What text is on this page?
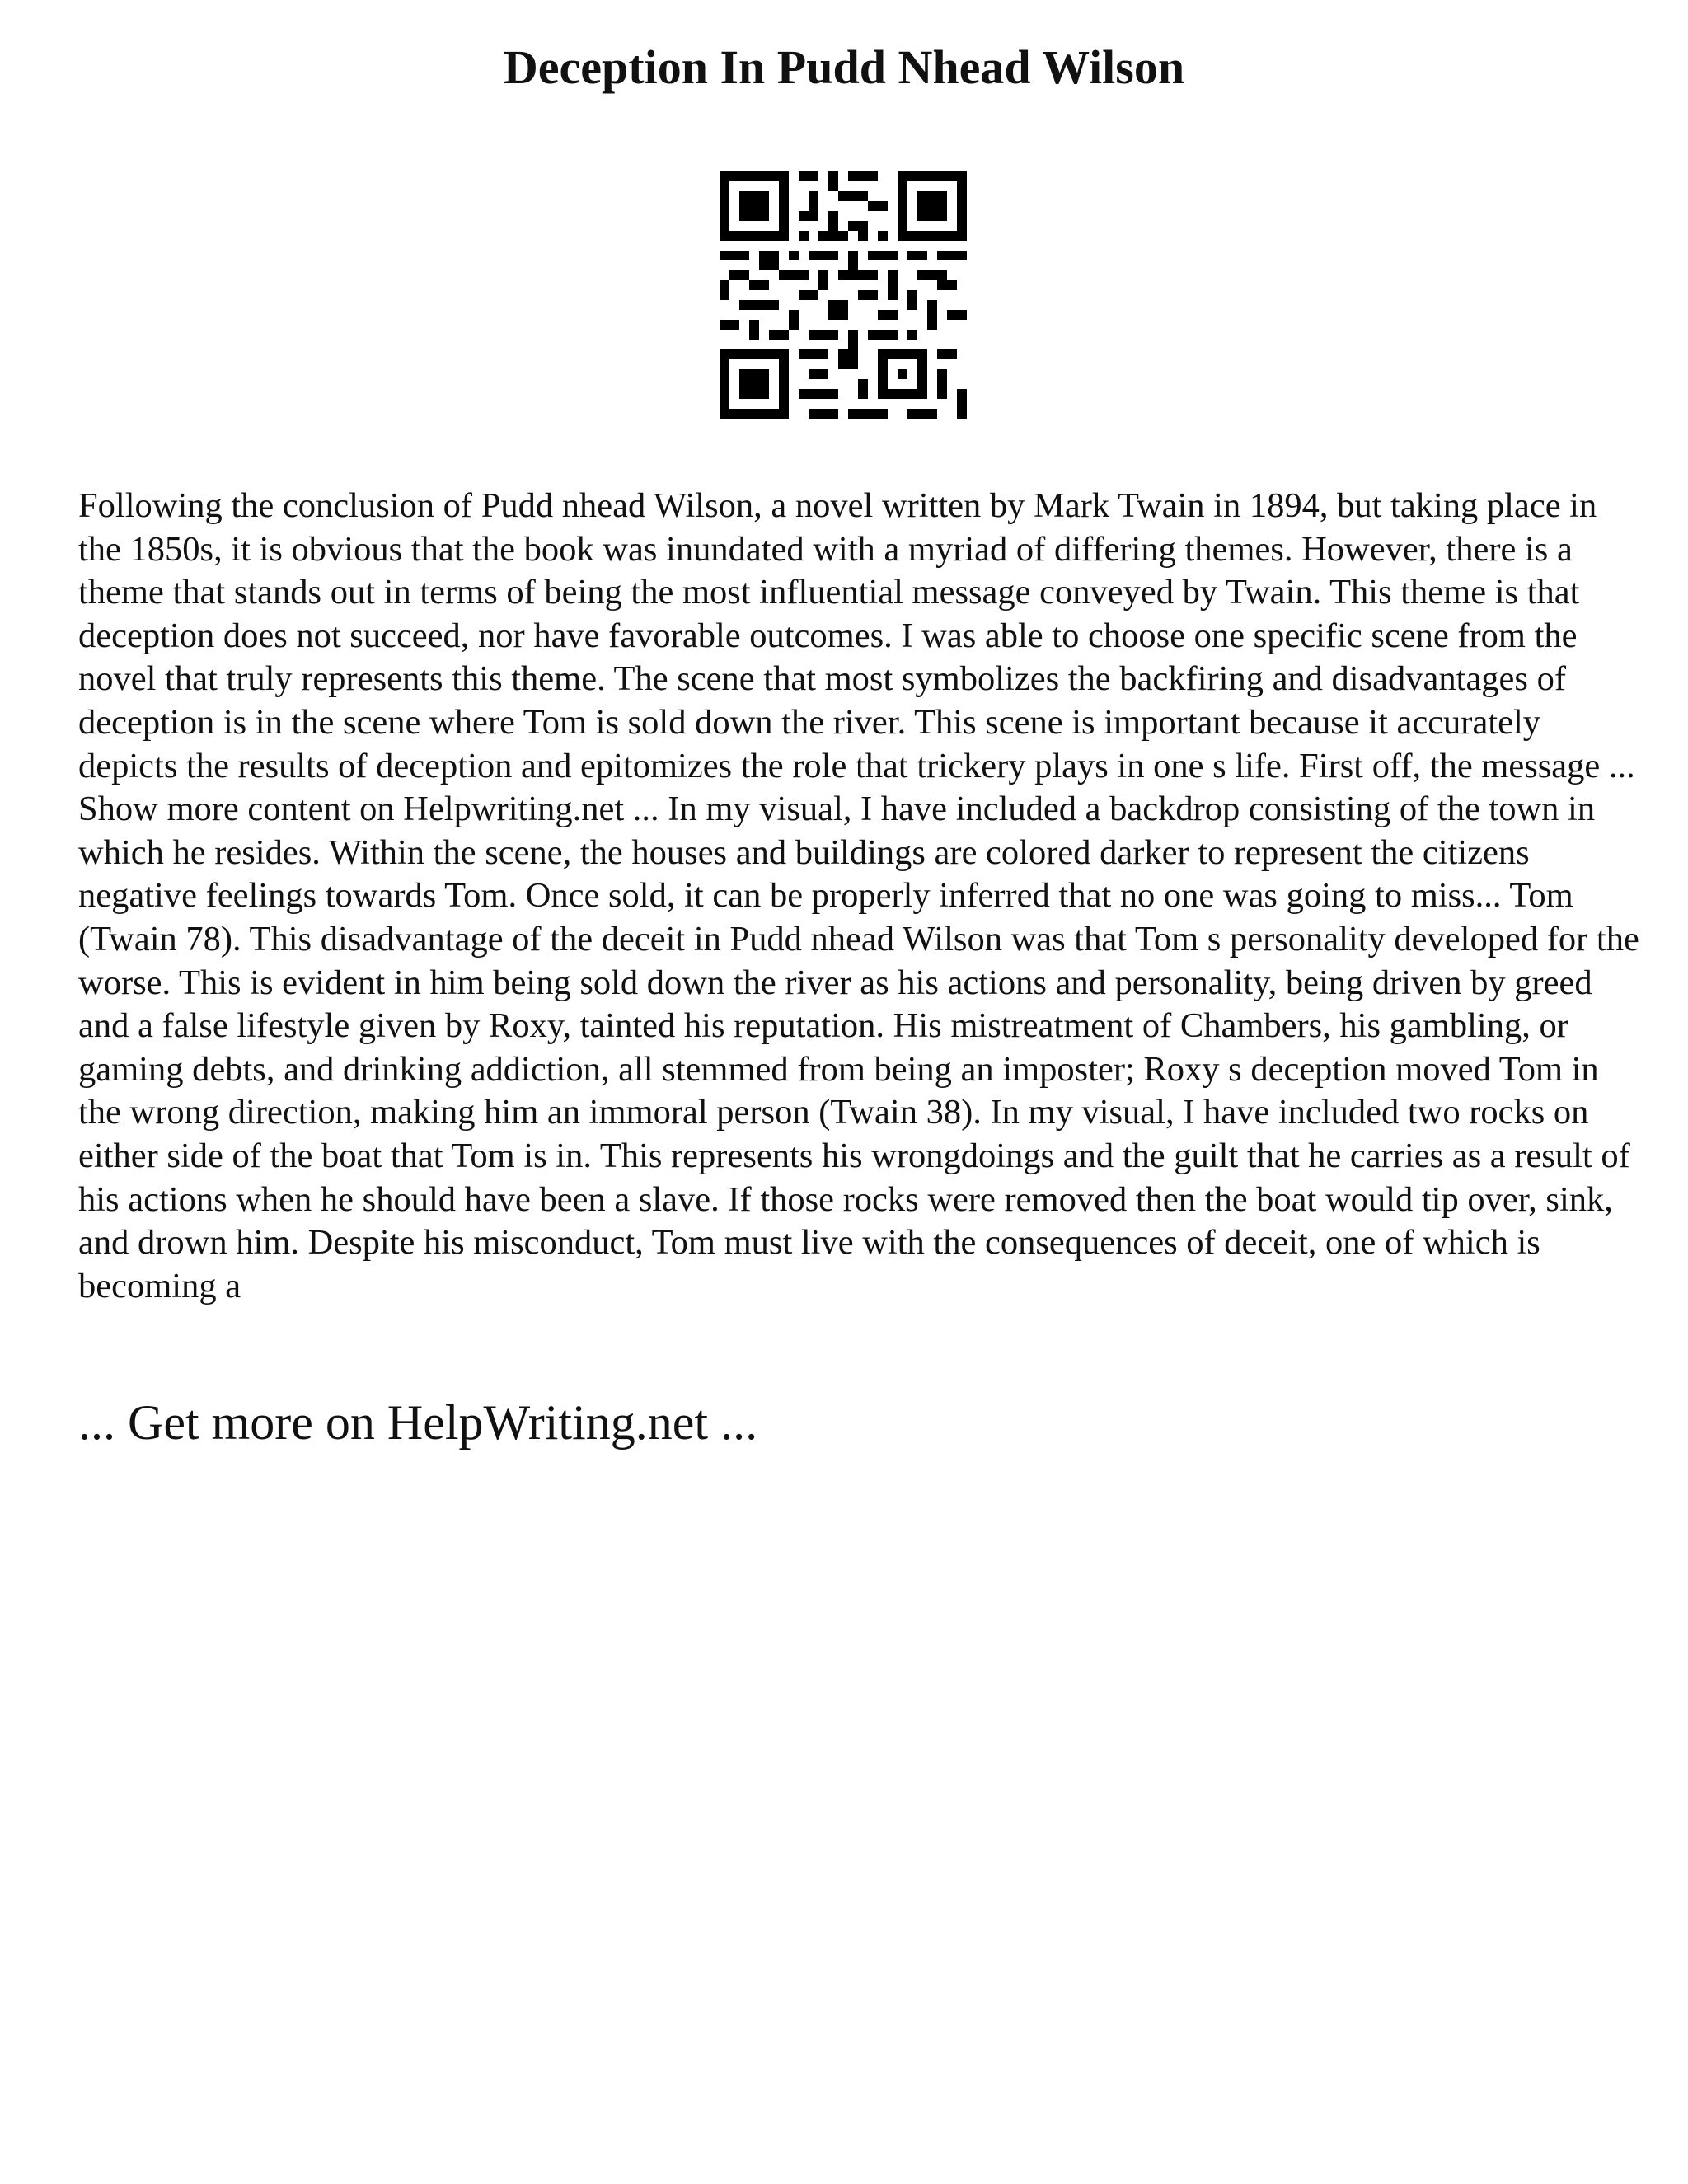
Deception In Pudd Nhead Wilson

Following the conclusion of Pudd nhead Wilson, a novel written by Mark Twain in 1894, but taking place in the 1850s, it is obvious that the book was inundated with a myriad of differing themes. However, there is a theme that stands out in terms of being the most influential message conveyed by Twain. This theme is that deception does not succeed, nor have favorable outcomes. I was able to choose one specific scene from the novel that truly represents this theme. The scene that most symbolizes the backfiring and disadvantages of deception is in the scene where Tom is sold down the river. This scene is important because it accurately depicts the results of deception and epitomizes the role that trickery plays in one s life. First off, the message ... Show more content on Helpwriting.net ... In my visual, I have included a backdrop consisting of the town in which he resides. Within the scene, the houses and buildings are colored darker to represent the citizens negative feelings towards Tom. Once sold, it can be properly inferred that no one was going to miss... Tom (Twain 78). This disadvantage of the deceit in Pudd nhead Wilson was that Tom s personality developed for the worse. This is evident in him being sold down the river as his actions and personality, being driven by greed and a false lifestyle given by Roxy, tainted his reputation. His mistreatment of Chambers, his gambling, or gaming debts, and drinking addiction, all stemmed from being an imposter; Roxy s deception moved Tom in the wrong direction, making him an immoral person (Twain 38). In my visual, I have included two rocks on either side of the boat that Tom is in. This represents his wrongdoings and the guilt that he carries as a result of his actions when he should have been a slave. If those rocks were removed then the boat would tip over, sink, and drown him. Despite his misconduct, Tom must live with the consequences of deceit, one of which is becoming a

... Get more on HelpWriting.net ...
